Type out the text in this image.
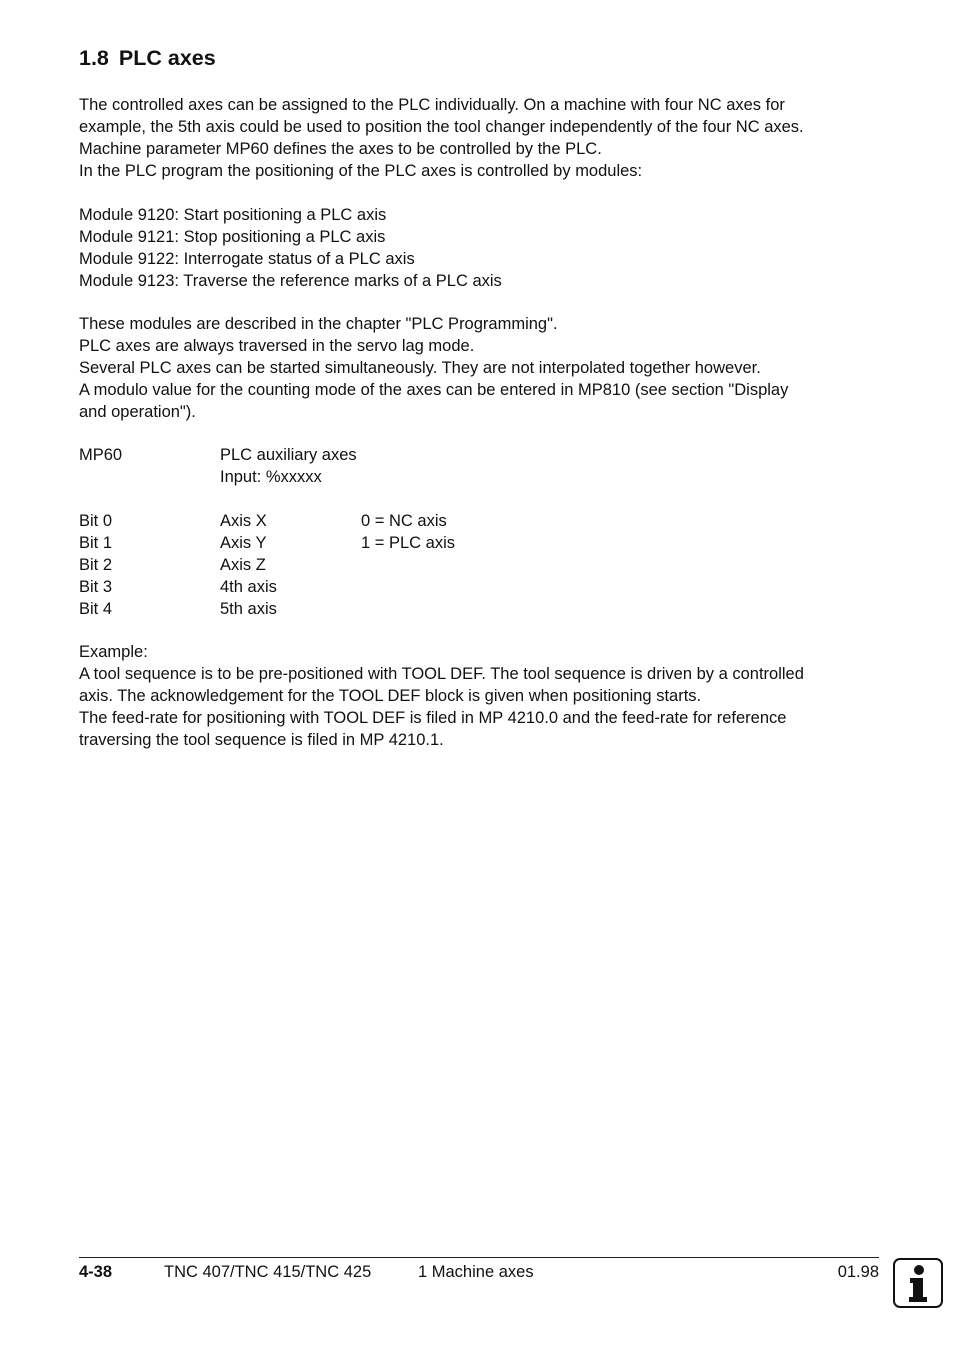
1.8 PLC axes

The controlled axes can be assigned to the PLC individually. On a machine with four NC axes for

example, the 5th axis could be used to position the tool changer independently of the four NC axes.

Machine parameter MP60 defines the axes to be controlled by the PLC.

In the PLC program the positioning of the PLC axes is controlled by modules:

Module 9120: Start positioning a PLC axis

Module 9121: Stop positioning a PLC axis

Module 9122: Interrogate status of a PLC axis

Module 9123: Traverse the reference marks of a PLC axis

These modules are described in the chapter "PLC Programming".

PLC axes are always traversed in the servo lag mode.

Several PLC axes can be started simultaneously. They are not interpolated together however.

A modulo value for the counting mode of the axes can be entered in MP810 (see section "Display

and operation").

MP60	PLC auxiliary axes
Input: %xxxxx
Bit 0	Axis X	0 = NC axis
Bit 1	Axis Y	1 = PLC axis
Bit 2	Axis Z
Bit 3	4th axis
Bit 4	5th axis

Example:

A tool sequence is to be pre-positioned with TOOL DEF. The tool sequence is driven by a controlled

axis. The acknowledgement for the TOOL DEF block is given when positioning starts.

The feed-rate for positioning with TOOL DEF is filed in MP 4210.0 and the feed-rate for reference

traversing the tool sequence is filed in MP 4210.1.

4-38	TNC 407/TNC 415/TNC 425	1 Machine axes	01.98
